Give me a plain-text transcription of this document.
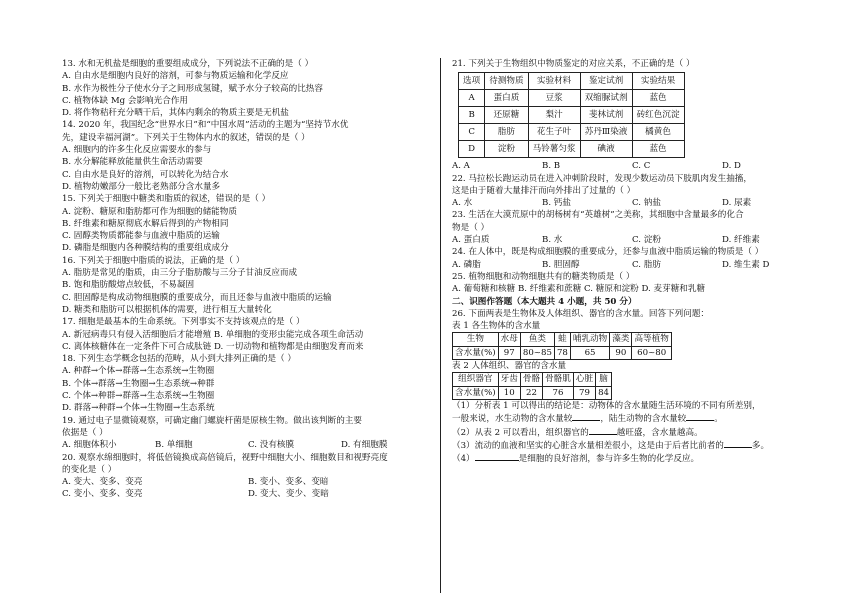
13. 水和无机盐是细胞的重要组成成分，下列说法不正确的是（ ）
A. 自由水是细胞内良好的溶剂，可参与物质运输和化学反应
B. 水作为极性分子使水分子之间形成氢键，赋予水分子较高的比热容
C. 植物体缺 Mg 会影响光合作用
D. 将作物秸秆充分晒干后，其体内剩余的物质主要是无机盐
14. 2020 年，我国纪念“世界水日”和“中国水周”活动的主题为“坚持节水优
先，建设幸福河湖”。下列关于生物体内水的叙述，错误的是（ ）
A. 细胞内的许多生化反应需要水的参与
B. 水分解能释放能量供生命活动需要
C. 自由水是良好的溶剂，可以转化为结合水
D. 植物幼嫩部分一般比老熟部分含水量多
15. 下列关于细胞中糖类和脂质的叙述，错误的是（ ）
A. 淀粉、糖原和脂肪都可作为细胞的储能物质
B. 纤维素和糖原彻底水解后得到的产物相同
C. 固醇类物质都能参与血液中脂质的运输
D. 磷脂是细胞内各种膜结构的重要组成成分
16. 下列关于细胞中脂质的说法，正确的是（ ）
A. 脂肪是常见的脂质，由三分子脂肪酸与三分子甘油反应而成
B. 饱和脂肪酸熔点较低，不易凝固
C. 胆固醇是构成动物细胞膜的重要成分，而且还参与血液中脂质的运输
D. 糖类和脂肪可以根据机体的需要，进行相互大量转化
17. 细胞是最基本的生命系统。下列事实不支持该观点的是（ ）
A. 新冠病毒只有侵入活细胞后才能增殖 B. 单细胞的变形虫能完成各项生命活动
C. 离体核糖体在一定条件下可合成肽链 D. 一切动物和植物都是由细胞发育而来
18. 下列生态学概念包括的范畴，从小到大排列正确的是（ ）
A. 种群→个体→群落→生态系统→生物圈
B. 个体→群落→生物圈→生态系统→种群
C. 个体→种群→群落→生态系统→生物圈
D. 群落→种群→个体→生物圈→生态系统
19. 通过电子显微镜观察，可确定幽门螺旋杆菌是原核生物。做出该判断的主要
依据是（ ）
A. 细胞体积小	B. 单细胞	C. 没有核膜	D. 有细胞膜
20. 观察水绵细胞时，将低倍镜换成高倍镜后，视野中细胞大小、细胞数目和视野亮度
的变化是（ ）
A. 变大、变多、变亮	B. 变小、变多、变暗
C. 变小、变多、变亮	D. 变大、变少、变暗
21. 下列关于生物组织中物质鉴定的对应关系，不正确的是（ ）
选项	待测物质	实验材料	鉴定试剂	实验结果
A	蛋白质	豆浆	双缩脲试剂	蓝色
B	还原糖	梨汁	斐林试剂	砖红色沉淀
C	脂肪	花生子叶	苏丹Ⅲ染液	橘黄色
D	淀粉	马铃薯匀浆	碘液	蓝色
A. A	B. B	C. C	D. D
22. 马拉松长跑运动员在进入冲刺阶段时，发现少数运动员下肢肌肉发生抽搐，
这是由于随着大量排汗而向外排出了过量的（ ）
A. 水	B. 钙盐	C. 钠盐	D. 尿素
23. 生活在大漠荒原中的胡杨树有“英雄树”之美称，其细胞中含量最多的化合
物是（ ）
A. 蛋白质	B. 水	C. 淀粉	D. 纤维素
24. 在人体中，既是构成细胞膜的重要成分，还参与血液中脂质运输的物质是（ ）
A. 磷脂	B. 胆固醇	C. 脂肪	D. 维生素 D
25. 植物细胞和动物细胞共有的糖类物质是（ ）
A. 葡萄糖和核糖 B. 纤维素和蔗糖 C. 糖原和淀粉 D. 麦芽糖和乳糖
二、识图作答题（本大题共 4 小题，共 50 分）
26. 下面两表是生物体及人体组织、器官的含水量。回答下列问题：
表 1 各生物体的含水量
生物	水母	鱼类	蛙	哺乳动物	藻类	高等植物
含水量(%)	97	80~85	78	65	90	60~80
表 2 人体组织、器官的含水量
组织器官	牙齿	骨骼	骨骼肌	心脏	脑
含水量(%)	10	22	76	79	84
（1）分析表 1 可以得出的结论是：动物体的含水量随生活环境的不同有所差别，
一般来说，水生动物的含水量较	，陆生动物的含水量较	。
（2）从表 2 可以看出，组织器官的	越旺盛，含水量越高。
（3）流动的血液和坚实的心脏含水量相差很小，这是由于后者比前者的	多。
（4）	是细胞的良好溶剂，参与许多生物的化学反应。
